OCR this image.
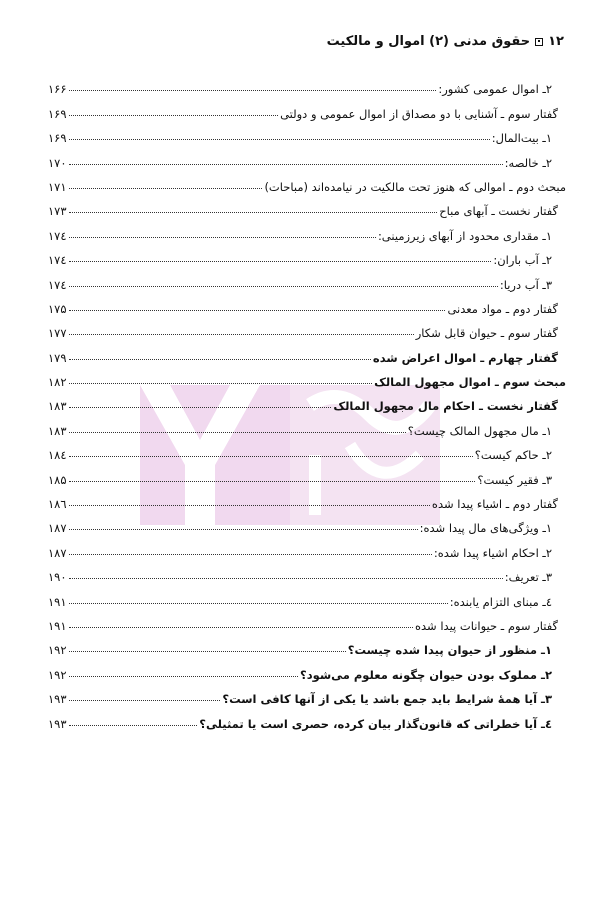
۱۲
حقوق مدنی (۲) اموال و مالکیت
۲ـ اموال عمومی کشور:
۱۶۶
گفتار سوم ـ آشنایی با دو مصداق از اموال عمومی و دولتی
۱۶۹
۱ـ بیت‌المال:
۱۶۹
۲ـ خالصه:
۱۷۰
مبحث دوم ـ اموالی که هنوز تحت مالکیت در نیامده‌اند (مباحات)
۱۷۱
گفتار نخست ـ آبهای مباح
۱۷۳
۱ـ مقداری محدود از آبهای زیرزمینی:
۱۷٤
۲ـ آب باران:
۱۷٤
۳ـ آب دریا:
۱۷٤
گفتار دوم ـ مواد معدنی
۱۷۵
گفتار سوم ـ حیوان قابل شکار
۱۷۷
گفتار چهارم ـ اموال اعراض شده
۱۷۹
مبحث سوم ـ اموال مجهول المالک
۱۸۲
گفتار نخست ـ احکام مال مجهول المالک
۱۸۳
۱ـ مال مجهول المالک چیست؟
۱۸۳
۲ـ حاکم کیست؟
۱۸٤
۳ـ فقیر کیست؟
۱۸۵
گفتار دوم ـ اشیاء پیدا شده
۱۸٦
۱ـ ویژگی‌های مال پیدا شده:
۱۸۷
۲ـ احکام اشیاء پیدا شده:
۱۸۷
۳ـ تعریف:
۱۹۰
٤ـ مبنای التزام یابنده:
۱۹۱
گفتار سوم ـ حیوانات پیدا شده
۱۹۱
۱ـ منظور از حیوان پیدا شده چیست؟
۱۹۲
۲ـ مملوک بودن حیوان چگونه معلوم می‌شود؟
۱۹۲
۳ـ آیا همهٔ شرایط باید جمع باشد یا یکی از آنها کافی است؟
۱۹۳
٤ـ آیا خطراتی که قانون‌گذار بیان کرده، حصری است یا تمثیلی؟
۱۹۳
